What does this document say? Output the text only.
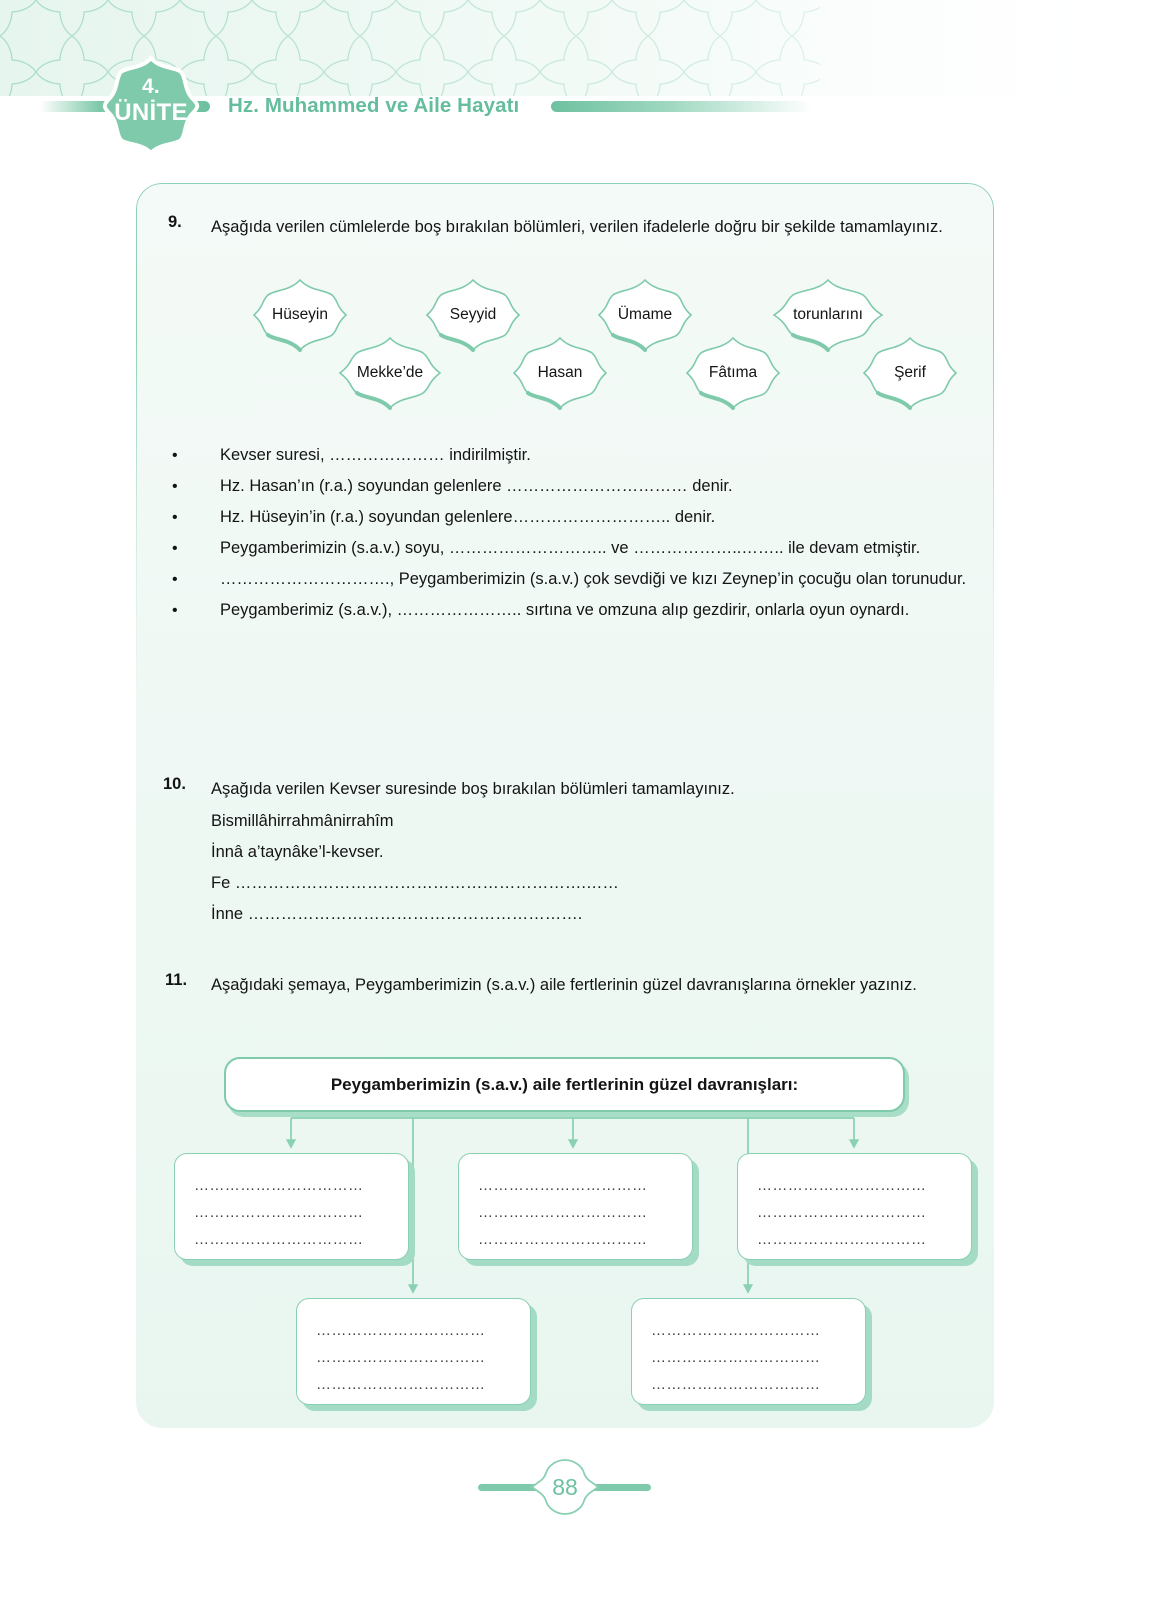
4.
ÜNİTE	Hz. Muhammed ve Aile Hayatı
9. Aşağıda verilen cümlelerde boş bırakılan bölümleri, verilen ifadelerle doğru bir şekilde tamamlayınız.
Hüseyin	Seyyid	Ümame	torunlarını
Mekke’de	Hasan	Fâtıma	Şerif
•	Kevser suresi, ………………… indirilmiştir.
•	Hz. Hasan’ın (r.a.) soyundan gelenlere …………………………… denir.
•	Hz. Hüseyin’in (r.a.) soyundan gelenlere……………………….. denir.
•	Peygamberimizin (s.a.v.) soyu, ……………………….. ve ………………..…….. ile devam etmiştir.
•	…………………………., Peygamberimizin (s.a.v.) çok sevdiği ve kızı Zeynep’in çocuğu olan torunudur.
•	Peygamberimiz (s.a.v.), ………………….. sırtına ve omzuna alıp gezdirir, onlarla oyun oynardı.
10. Aşağıda verilen Kevser suresinde boş bırakılan bölümleri tamamlayınız.
Bismillâhirrahmânirrahîm
İnnâ a’taynâke’l-kevser.
Fe ……………………………………………………….……
İnne …………………………………………………….
11. Aşağıdaki şemaya, Peygamberimizin (s.a.v.) aile fertlerinin güzel davranışlarına örnekler yazınız.
Peygamberimizin (s.a.v.) aile fertlerinin güzel davranışları:
……………………………
……………………………
……………………………
……………………………
……………………………
……………………………
……………………………
……………………………
……………………………
……………………………
……………………………
……………………………
……………………………
……………………………
……………………………
88
